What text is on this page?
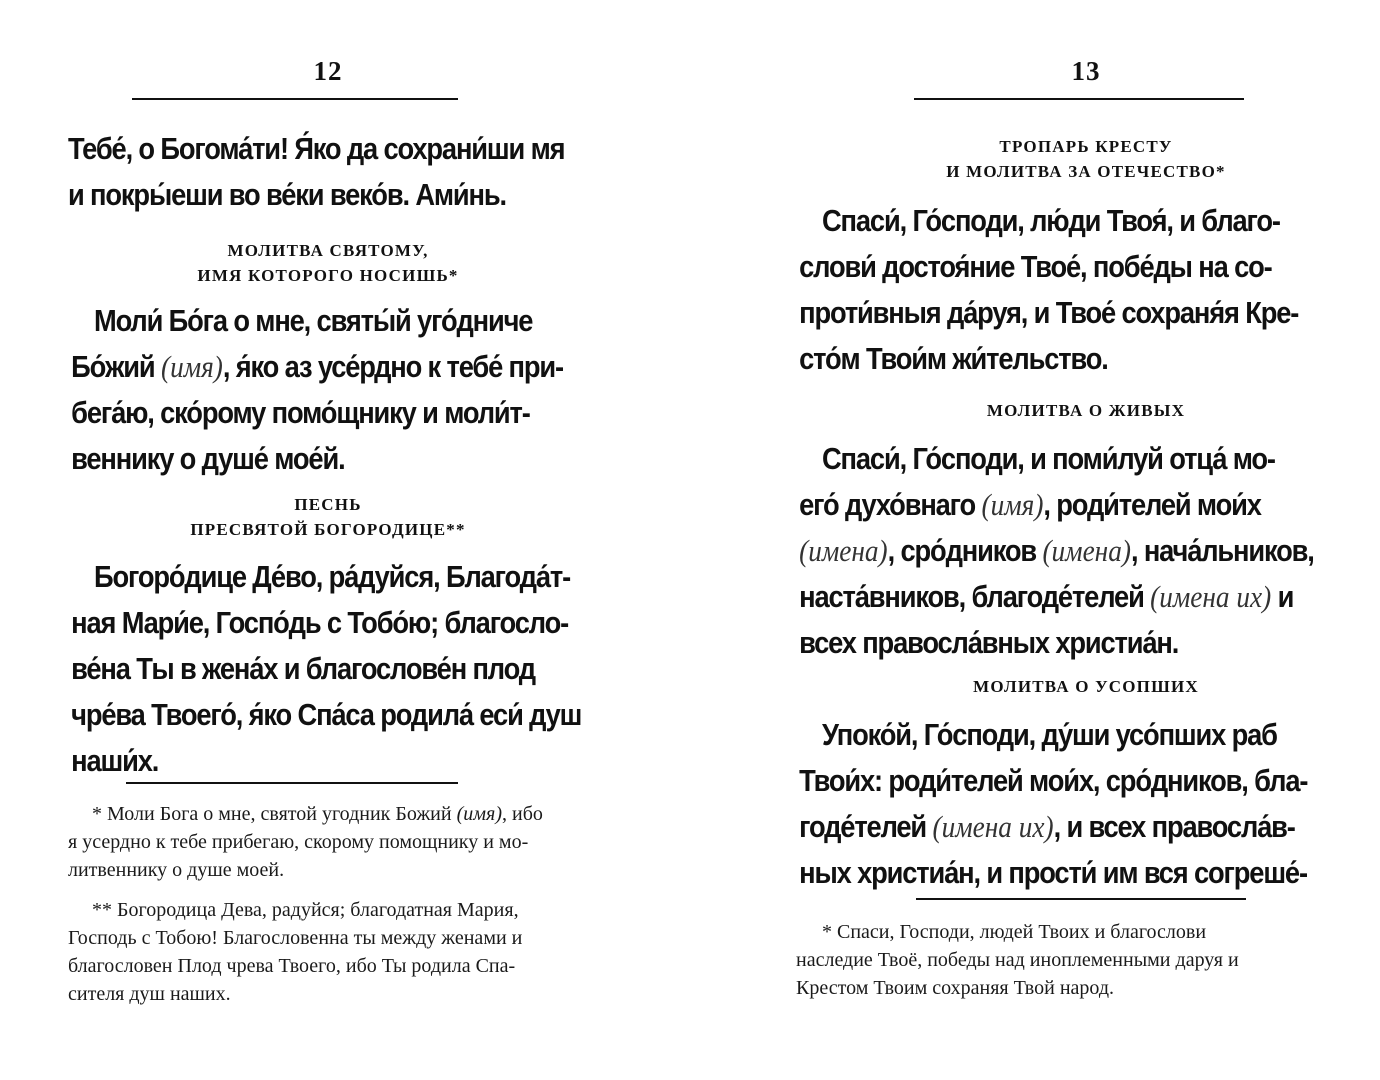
12
Тебе́, о Богома́ти! Я́ко да сохрани́ши мя
и покры́еши во ве́ки веко́в. Ами́нь.
МОЛИТВА СВЯТОМУ,
ИМЯ КОТОРОГО НОСИШЬ*
Моли́ Бо́га о мне, святы́й уго́дниче
Бо́жий (имя), я́ко аз усе́рдно к тебе́ при-
бега́ю, ско́рому помо́щнику и моли́т-
веннику о душе́ мое́й.
ПЕСНЬ
ПРЕСВЯТОЙ БОГОРОДИЦЕ**
Богоро́дице Де́во, ра́дуйся, Благода́т-
ная Мари́е, Госпо́дь с Тобо́ю; благосло-
ве́на Ты в жена́х и благослове́н плод
чре́ва Твоего́, я́ко Спа́са родила́ еси́ душ
наши́х.
* Моли Бога о мне, святой угодник Божий (имя), ибо
я усердно к тебе прибегаю, скорому помощнику и мо-
литвеннику о душе моей.
** Богородица Дева, радуйся; благодатная Мария,
Господь с Тобою! Благословенна ты между женами и
благословен Плод чрева Твоего, ибо Ты родила Спа-
сителя душ наших.
13
ТРОПАРЬ КРЕСТУ
И МОЛИТВА ЗА ОТЕЧЕСТВО*
Спаси́, Го́споди, лю́ди Твоя́, и благо-
слови́ достоя́ние Твое́, побе́ды на со-
проти́вныя да́руя, и Твое́ сохраня́я Кре-
сто́м Твои́м жи́тельство.
МОЛИТВА О ЖИВЫХ
Спаси́, Го́споди, и поми́луй отца́ мо-
его́ духо́внаго (имя), роди́телей мои́х
(имена), сро́дников (имена), нача́льников,
наста́вников, благоде́телей (имена их) и
всех правосла́вных христиа́н.
МОЛИТВА О УСОПШИХ
Упоко́й, Го́споди, ду́ши усо́пших раб
Твои́х: роди́телей мои́х, сро́дников, бла-
годе́телей (имена их), и всех правосла́в-
ных христиа́н, и прости́ им вся согреше́-
* Спаси, Господи, людей Твоих и благослови
наследие Твоё, победы над иноплеменными даруя и
Крестом Твоим сохраняя Твой народ.
